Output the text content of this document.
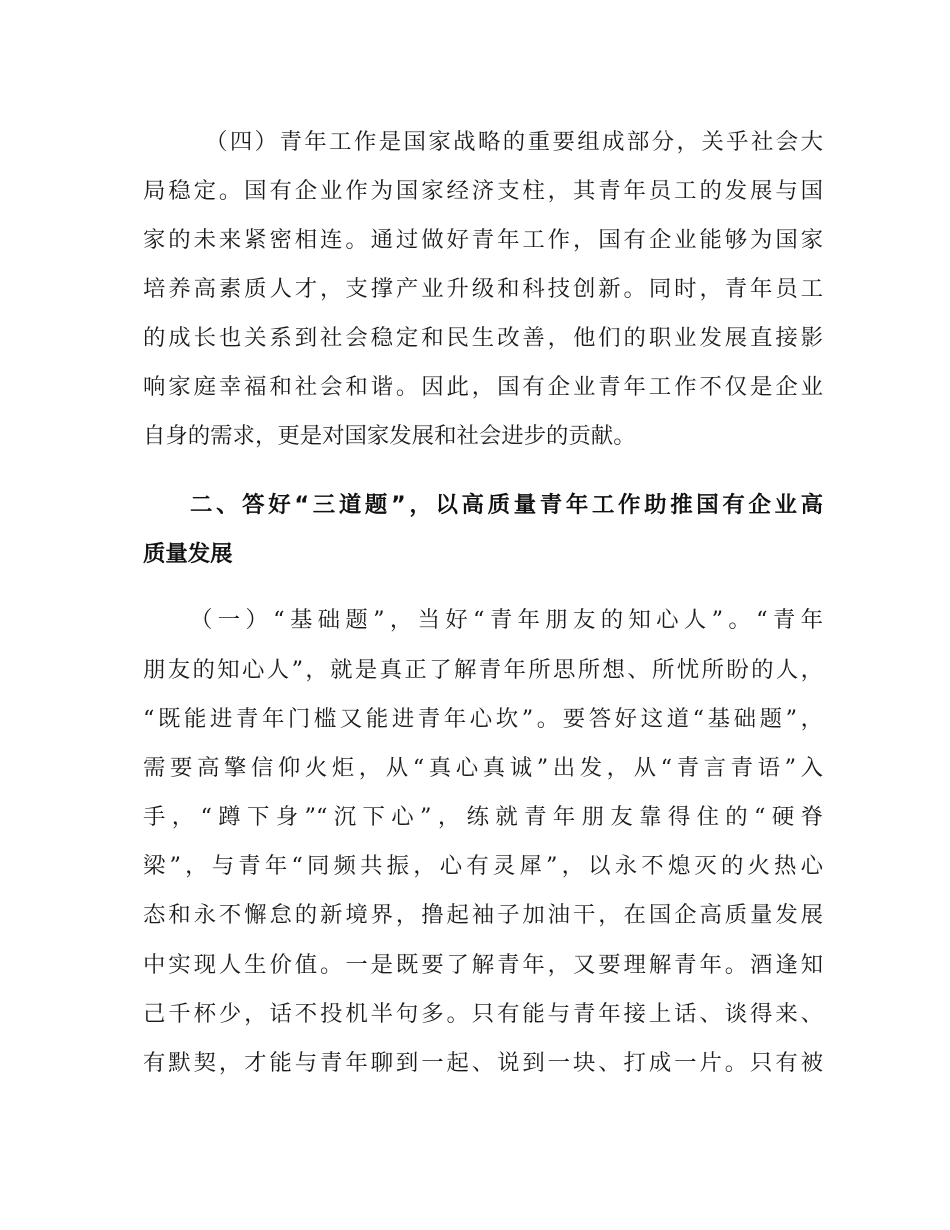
（四）青年工作是国家战略的重要组成部分，关乎社会大
局稳定。国有企业作为国家经济支柱，其青年员工的发展与国
家的未来紧密相连。通过做好青年工作，国有企业能够为国家
培养高素质人才，支撑产业升级和科技创新。同时，青年员工
的成长也关系到社会稳定和民生改善，他们的职业发展直接影
响家庭幸福和社会和谐。因此，国有企业青年工作不仅是企业
自身的需求，更是对国家发展和社会进步的贡献。
二、答好“三道题”，以高质量青年工作助推国有企业高
质量发展
（一）“基础题”，当好“青年朋友的知心人”。“青年
朋友的知心人”，就是真正了解青年所思所想、所忧所盼的人，
“既能进青年门槛又能进青年心坎”。要答好这道“基础题”，
需要高擎信仰火炬，从“真心真诚”出发，从“青言青语”入
手，“蹲下身”“沉下心”，练就青年朋友靠得住的“硬脊
梁”，与青年“同频共振，心有灵犀”，以永不熄灭的火热心
态和永不懈怠的新境界，撸起袖子加油干，在国企高质量发展
中实现人生价值。一是既要了解青年，又要理解青年。酒逢知
己千杯少，话不投机半句多。只有能与青年接上话、谈得来、
有默契，才能与青年聊到一起、说到一块、打成一片。只有被
